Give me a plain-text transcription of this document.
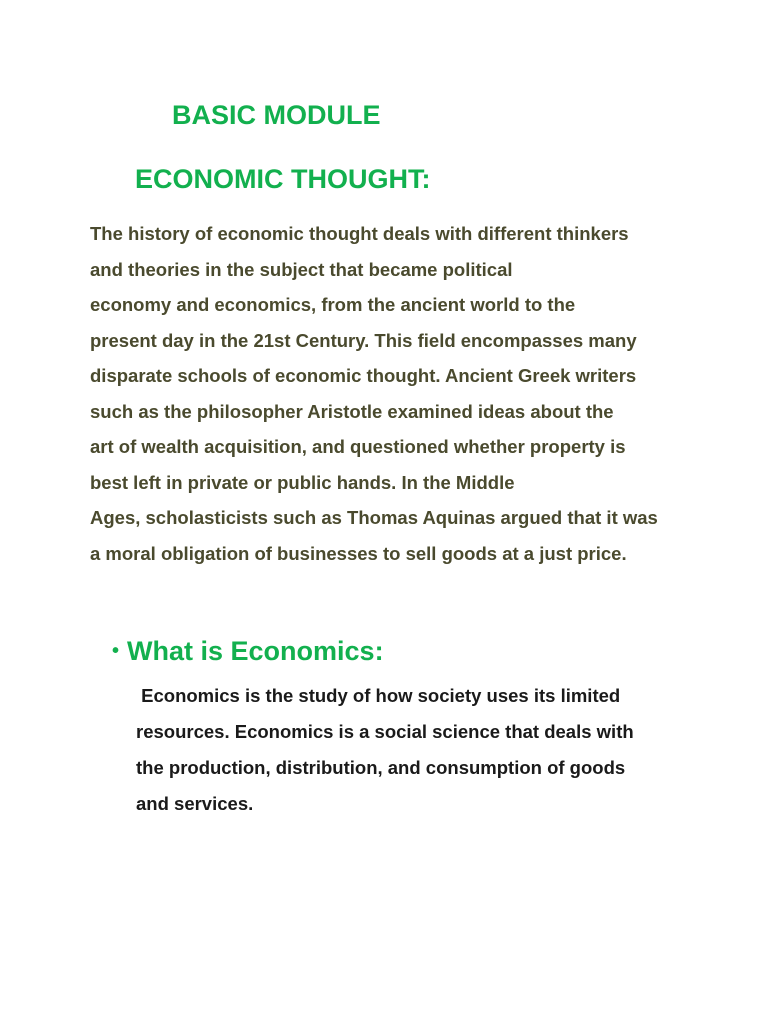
BASIC MODULE
ECONOMIC THOUGHT:
The history of economic thought deals with different thinkers
and theories in the subject that became political
economy and economics, from the ancient world to the
present day in the 21st Century. This field encompasses many
disparate schools of economic thought. Ancient Greek writers
such as the philosopher Aristotle examined ideas about the
art of wealth acquisition, and questioned whether property is
best left in private or public hands. In the Middle
Ages, scholasticists such as Thomas Aquinas argued that it was
a moral obligation of businesses to sell goods at a just price.
• What is Economics:
Economics is the study of how society uses its limited
resources. Economics is a social science that deals with
the production, distribution, and consumption of goods
and services.
